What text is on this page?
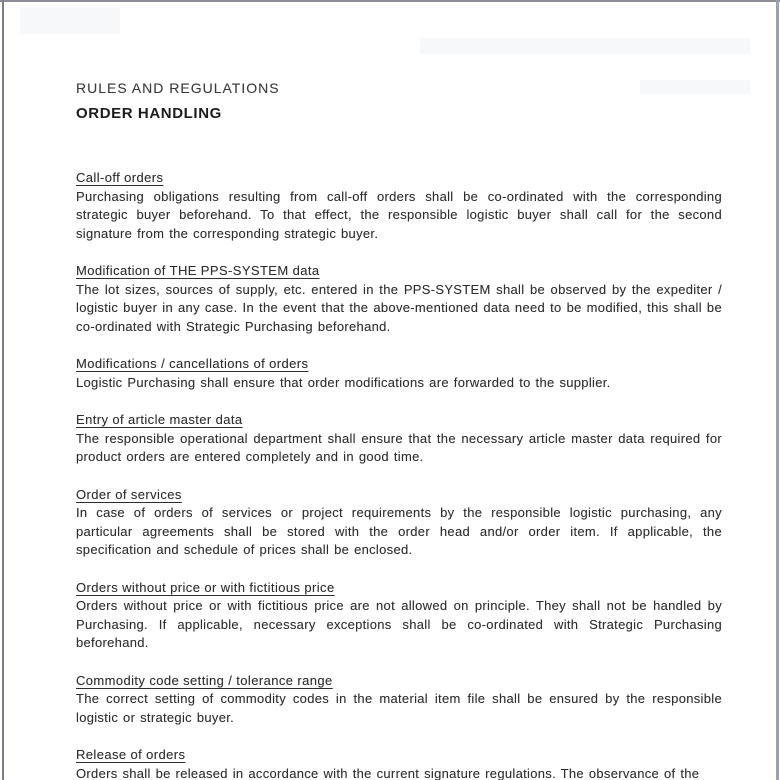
RULES AND REGULATIONS
ORDER HANDLING
Call-off orders

Purchasing obligations resulting from call-off orders shall be co-ordinated with the corresponding strategic buyer beforehand. To that effect, the responsible logistic buyer shall call for the second signature from the corresponding strategic buyer.

Modification of THE PPS-SYSTEM data

The lot sizes, sources of supply, etc. entered in the PPS-SYSTEM shall be observed by the expediter / logistic buyer in any case. In the event that the above-mentioned data need to be modified, this shall be co-ordinated with Strategic Purchasing beforehand.

Modifications / cancellations of orders

Logistic Purchasing shall ensure that order modifications are forwarded to the supplier.

Entry of article master data

The responsible operational department shall ensure that the necessary article master data required for product orders are entered completely and in good time.

Order of services

In case of orders of services or project requirements by the responsible logistic purchasing, any particular agreements shall be stored with the order head and/or order item. If applicable, the specification and schedule of prices shall be enclosed.

Orders without price or with fictitious price

Orders without price or with fictitious price are not allowed on principle. They shall not be handled by Purchasing. If applicable, necessary exceptions shall be co-ordinated with Strategic Purchasing beforehand.

Commodity code setting / tolerance range

The correct setting of commodity codes in the material item file shall be ensured by the responsible logistic or strategic buyer.

Release of orders

Orders shall be released in accordance with the current signature regulations. The observance of the
